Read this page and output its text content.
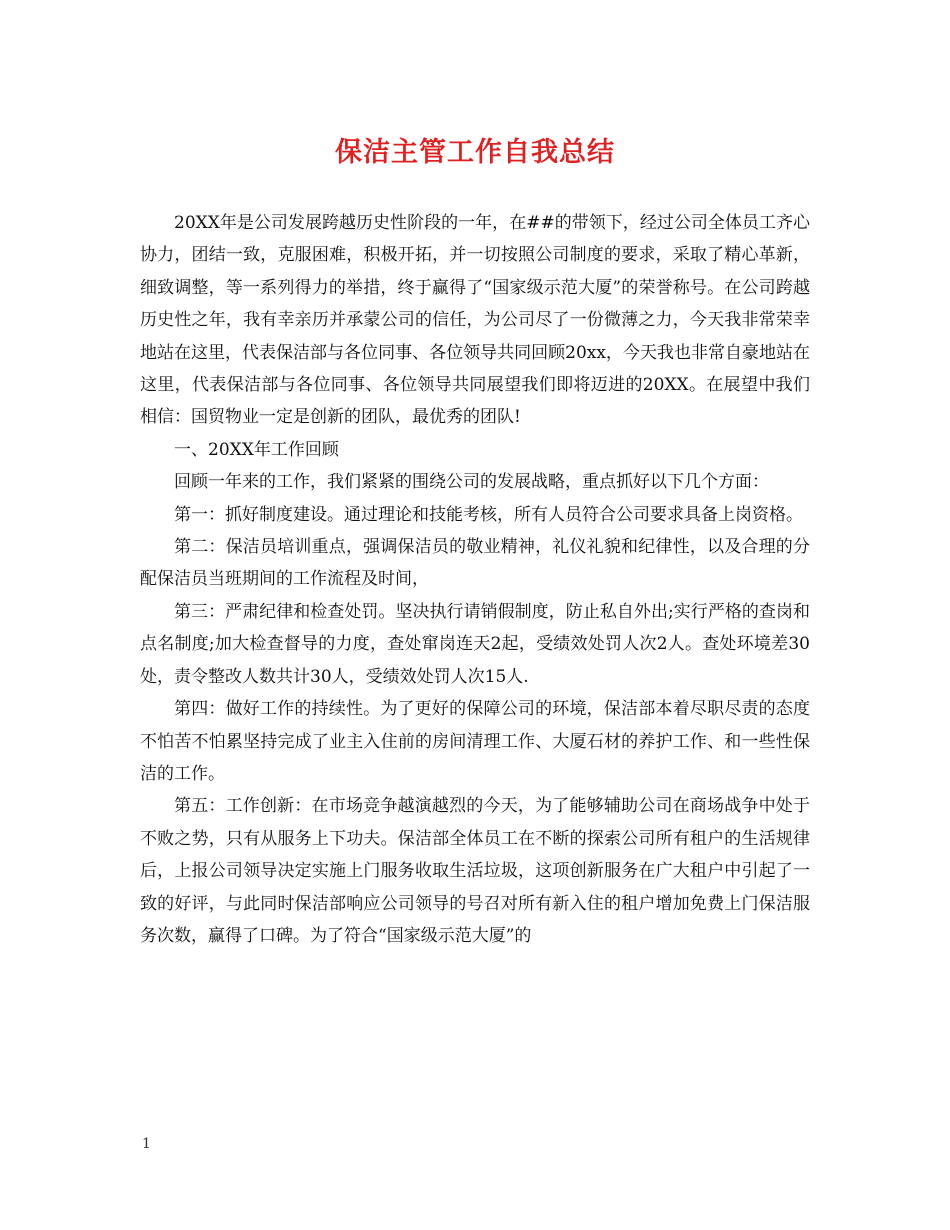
保洁主管工作自我总结

20XX年是公司发展跨越历史性阶段的一年，在##的带领下，经过公司全体员工齐心协力，团结一致，克服困难，积极开拓，并一切按照公司制度的要求，采取了精心革新，细致调整，等一系列得力的举措，终于赢得了“国家级示范大厦”的荣誉称号。在公司跨越历史性之年，我有幸亲历并承蒙公司的信任，为公司尽了一份微薄之力，今天我非常荣幸地站在这里，代表保洁部与各位同事、各位领导共同回顾20xx，今天我也非常自豪地站在这里，代表保洁部与各位同事、各位领导共同展望我们即将迈进的20XX。在展望中我们相信：国贸物业一定是创新的团队，最优秀的团队!

一、20XX年工作回顾

回顾一年来的工作，我们紧紧的围绕公司的发展战略，重点抓好以下几个方面：

第一：抓好制度建设。通过理论和技能考核，所有人员符合公司要求具备上岗资格。

第二：保洁员培训重点，强调保洁员的敬业精神，礼仪礼貌和纪律性，以及合理的分配保洁员当班期间的工作流程及时间，

第三：严肃纪律和检查处罚。坚决执行请销假制度，防止私自外出;实行严格的查岗和点名制度;加大检查督导的力度，查处窜岗连天2起，受绩效处罚人次2人。查处环境差30处，责令整改人数共计30人，受绩效处罚人次15人.

第四：做好工作的持续性。为了更好的保障公司的环境，保洁部本着尽职尽责的态度不怕苦不怕累坚持完成了业主入住前的房间清理工作、大厦石材的养护工作、和一些性保洁的工作。

第五：工作创新：在市场竞争越演越烈的今天，为了能够辅助公司在商场战争中处于不败之势，只有从服务上下功夫。保洁部全体员工在不断的探索公司所有租户的生活规律后，上报公司领导决定实施上门服务收取生活垃圾，这项创新服务在广大租户中引起了一致的好评，与此同时保洁部响应公司领导的号召对所有新入住的租户增加免费上门保洁服务次数，赢得了口碑。为了符合“国家级示范大厦”的

1
